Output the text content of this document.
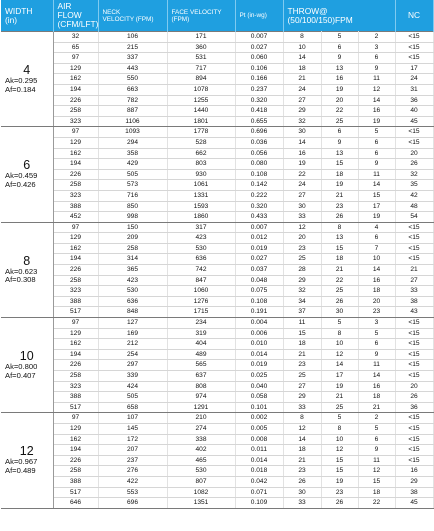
WIDTH
(in)	AIR FLOW
(CFM/LFT)	NECK
VELOCITY (FPM)	FACE VELOCITY
(FPM)	Pt (in-wg)	THROW@ (50/100/150)FPM			NC

4
Ak=0.295
Af=0.184	32	106	171	0.007	8	5	2	<15
	65	215	360	0.027	10	6	3	<15
	97	337	531	0.060	14	9	6	<15
	129	443	717	0.106	18	13	9	17
	162	550	894	0.166	21	16	11	24
	194	663	1078	0.237	24	19	12	31
	226	782	1255	0.320	27	20	14	36
	258	887	1440	0.418	29	22	16	40
	323	1106	1801	0.655	32	25	19	45

6
Ak=0.459
Af=0.426	97	1093	1778	0.696	30	6	5	<15
	129	294	528	0.036	14	9	6	<15
	162	358	662	0.056	16	13	6	20
	194	429	803	0.080	19	15	9	26
	226	505	930	0.108	22	18	11	32
	258	573	1061	0.142	24	19	14	35
	323	716	1331	0.222	27	21	15	42
	388	850	1593	0.320	30	23	17	48
	452	998	1860	0.433	33	26	19	54

8
Ak=0.623
Af=0.308	97	150	317	0.007	12	8	4	<15
	129	209	423	0.012	20	13	6	<15
	162	258	530	0.019	23	15	7	<15
	194	314	636	0.027	25	18	10	<15
	226	365	742	0.037	28	21	14	21
	258	423	847	0.048	29	22	16	27
	323	530	1060	0.075	32	25	18	33
	388	636	1276	0.108	34	26	20	38
	517	848	1715	0.191	37	30	23	43

10
Ak=0.800
Af=0.407	97	127	234	0.004	11	5	3	<15
	129	169	319	0.006	15	8	5	<15
	162	212	404	0.010	18	10	6	<15
	194	254	489	0.014	21	12	9	<15
	226	297	565	0.019	23	14	11	<15
	258	339	637	0.025	25	17	14	<15
	323	424	808	0.040	27	19	16	20
	388	505	974	0.058	29	21	18	26
	517	658	1291	0.101	33	25	21	36

12
Ak=0.967
Af=0.489	97	107	210	0.002	8	5	2	<15
	129	145	274	0.005	12	8	5	<15
	162	172	338	0.008	14	10	6	<15
	194	207	402	0.011	18	12	9	<15
	226	237	465	0.014	21	15	11	<15
	258	276	530	0.018	23	15	12	16
	388	422	807	0.042	26	19	15	29
	517	553	1082	0.071	30	23	18	38
	646	696	1351	0.109	33	26	22	45
